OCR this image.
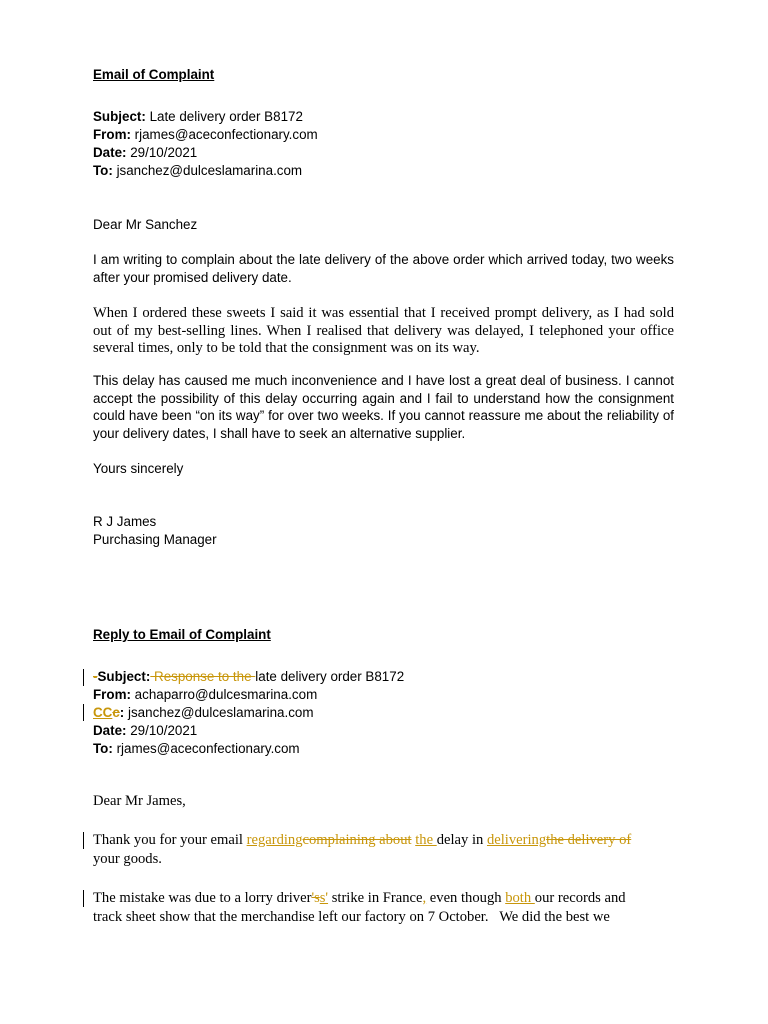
Email of Complaint
Subject: Late delivery order B8172
From: rjames@aceconfectionary.com
Date: 29/10/2021
To: jsanchez@dulceslamarina.com
Dear Mr Sanchez
I am writing to complain about the late delivery of the above order which arrived today, two weeks after your promised delivery date.
When I ordered these sweets I said it was essential that I received prompt delivery, as I had sold out of my best-selling lines. When I realised that delivery was delayed, I telephoned your office several times, only to be told that the consignment was on its way.
This delay has caused me much inconvenience and I have lost a great deal of business. I cannot accept the possibility of this delay occurring again and I fail to understand how the consignment could have been “on its way” for over two weeks. If you cannot reassure me about the reliability of your delivery dates, I shall have to seek an alternative supplier.
Yours sincerely
R J James
Purchasing Manager
Reply to Email of Complaint
-Subject: Response to the late delivery order B8172
From: achaparro@dulcesmarina.com
CCc: jsanchez@dulceslamarina.com
Date: 29/10/2021
To: rjames@aceconfectionary.com
Dear Mr James,
Thank you for your email regardingcomplaining about the delay in deliveringthe delivery of
your goods.
The mistake was due to a lorry driver'ss' strike in France, even though both our records and
track sheet show that the merchandise left our factory on 7 October.   We did the best we
